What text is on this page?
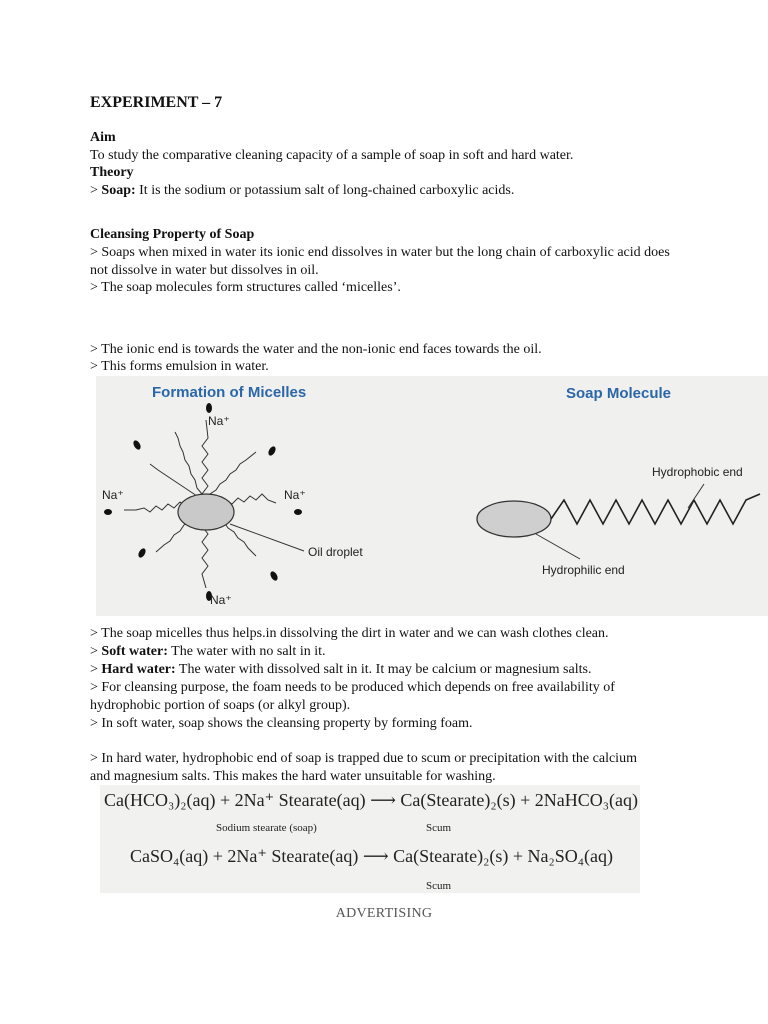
EXPERIMENT – 7
Aim
To study the comparative cleaning capacity of a sample of soap in soft and hard water.
Theory
> Soap: It is the sodium or potassium salt of long-chained carboxylic acids.
Cleansing Property of Soap
> Soaps when mixed in water its ionic end dissolves in water but the long chain of carboxylic acid does not dissolve in water but dissolves in oil.
> The soap molecules form structures called ‘micelles’.
> The ionic end is towards the water and the non-ionic end faces towards the oil.
> This forms emulsion in water.
Formation of Micelles	Soap Molecule
Oil droplet
Na⁺
Na⁺	Na⁺
Na⁺
Hydrophobic end
Hydrophilic end
> The soap micelles thus helps.in dissolving the dirt in water and we can wash clothes clean.
> Soft water: The water with no salt in it.
> Hard water: The water with dissolved salt in it. It may be calcium or magnesium salts.
> For cleansing purpose, the foam needs to be produced which depends on free availability of hydrophobic portion of soaps (or alkyl group).
> In soft water, soap shows the cleansing property by forming foam.
> In hard water, hydrophobic end of soap is trapped due to scum or precipitation with the calcium and magnesium salts. This makes the hard water unsuitable for washing.
Ca(HCO₃)₂(aq) + 2Na⁺ Stearate(aq) ⟶ Ca(Stearate)₂(s) + 2NaHCO₃(aq)
Sodium stearate (soap)	Scum
CaSO₄(aq) + 2Na⁺ Stearate(aq) ⟶ Ca(Stearate)₂(s) + Na₂SO₄(aq)
Scum
ADVERTISING
